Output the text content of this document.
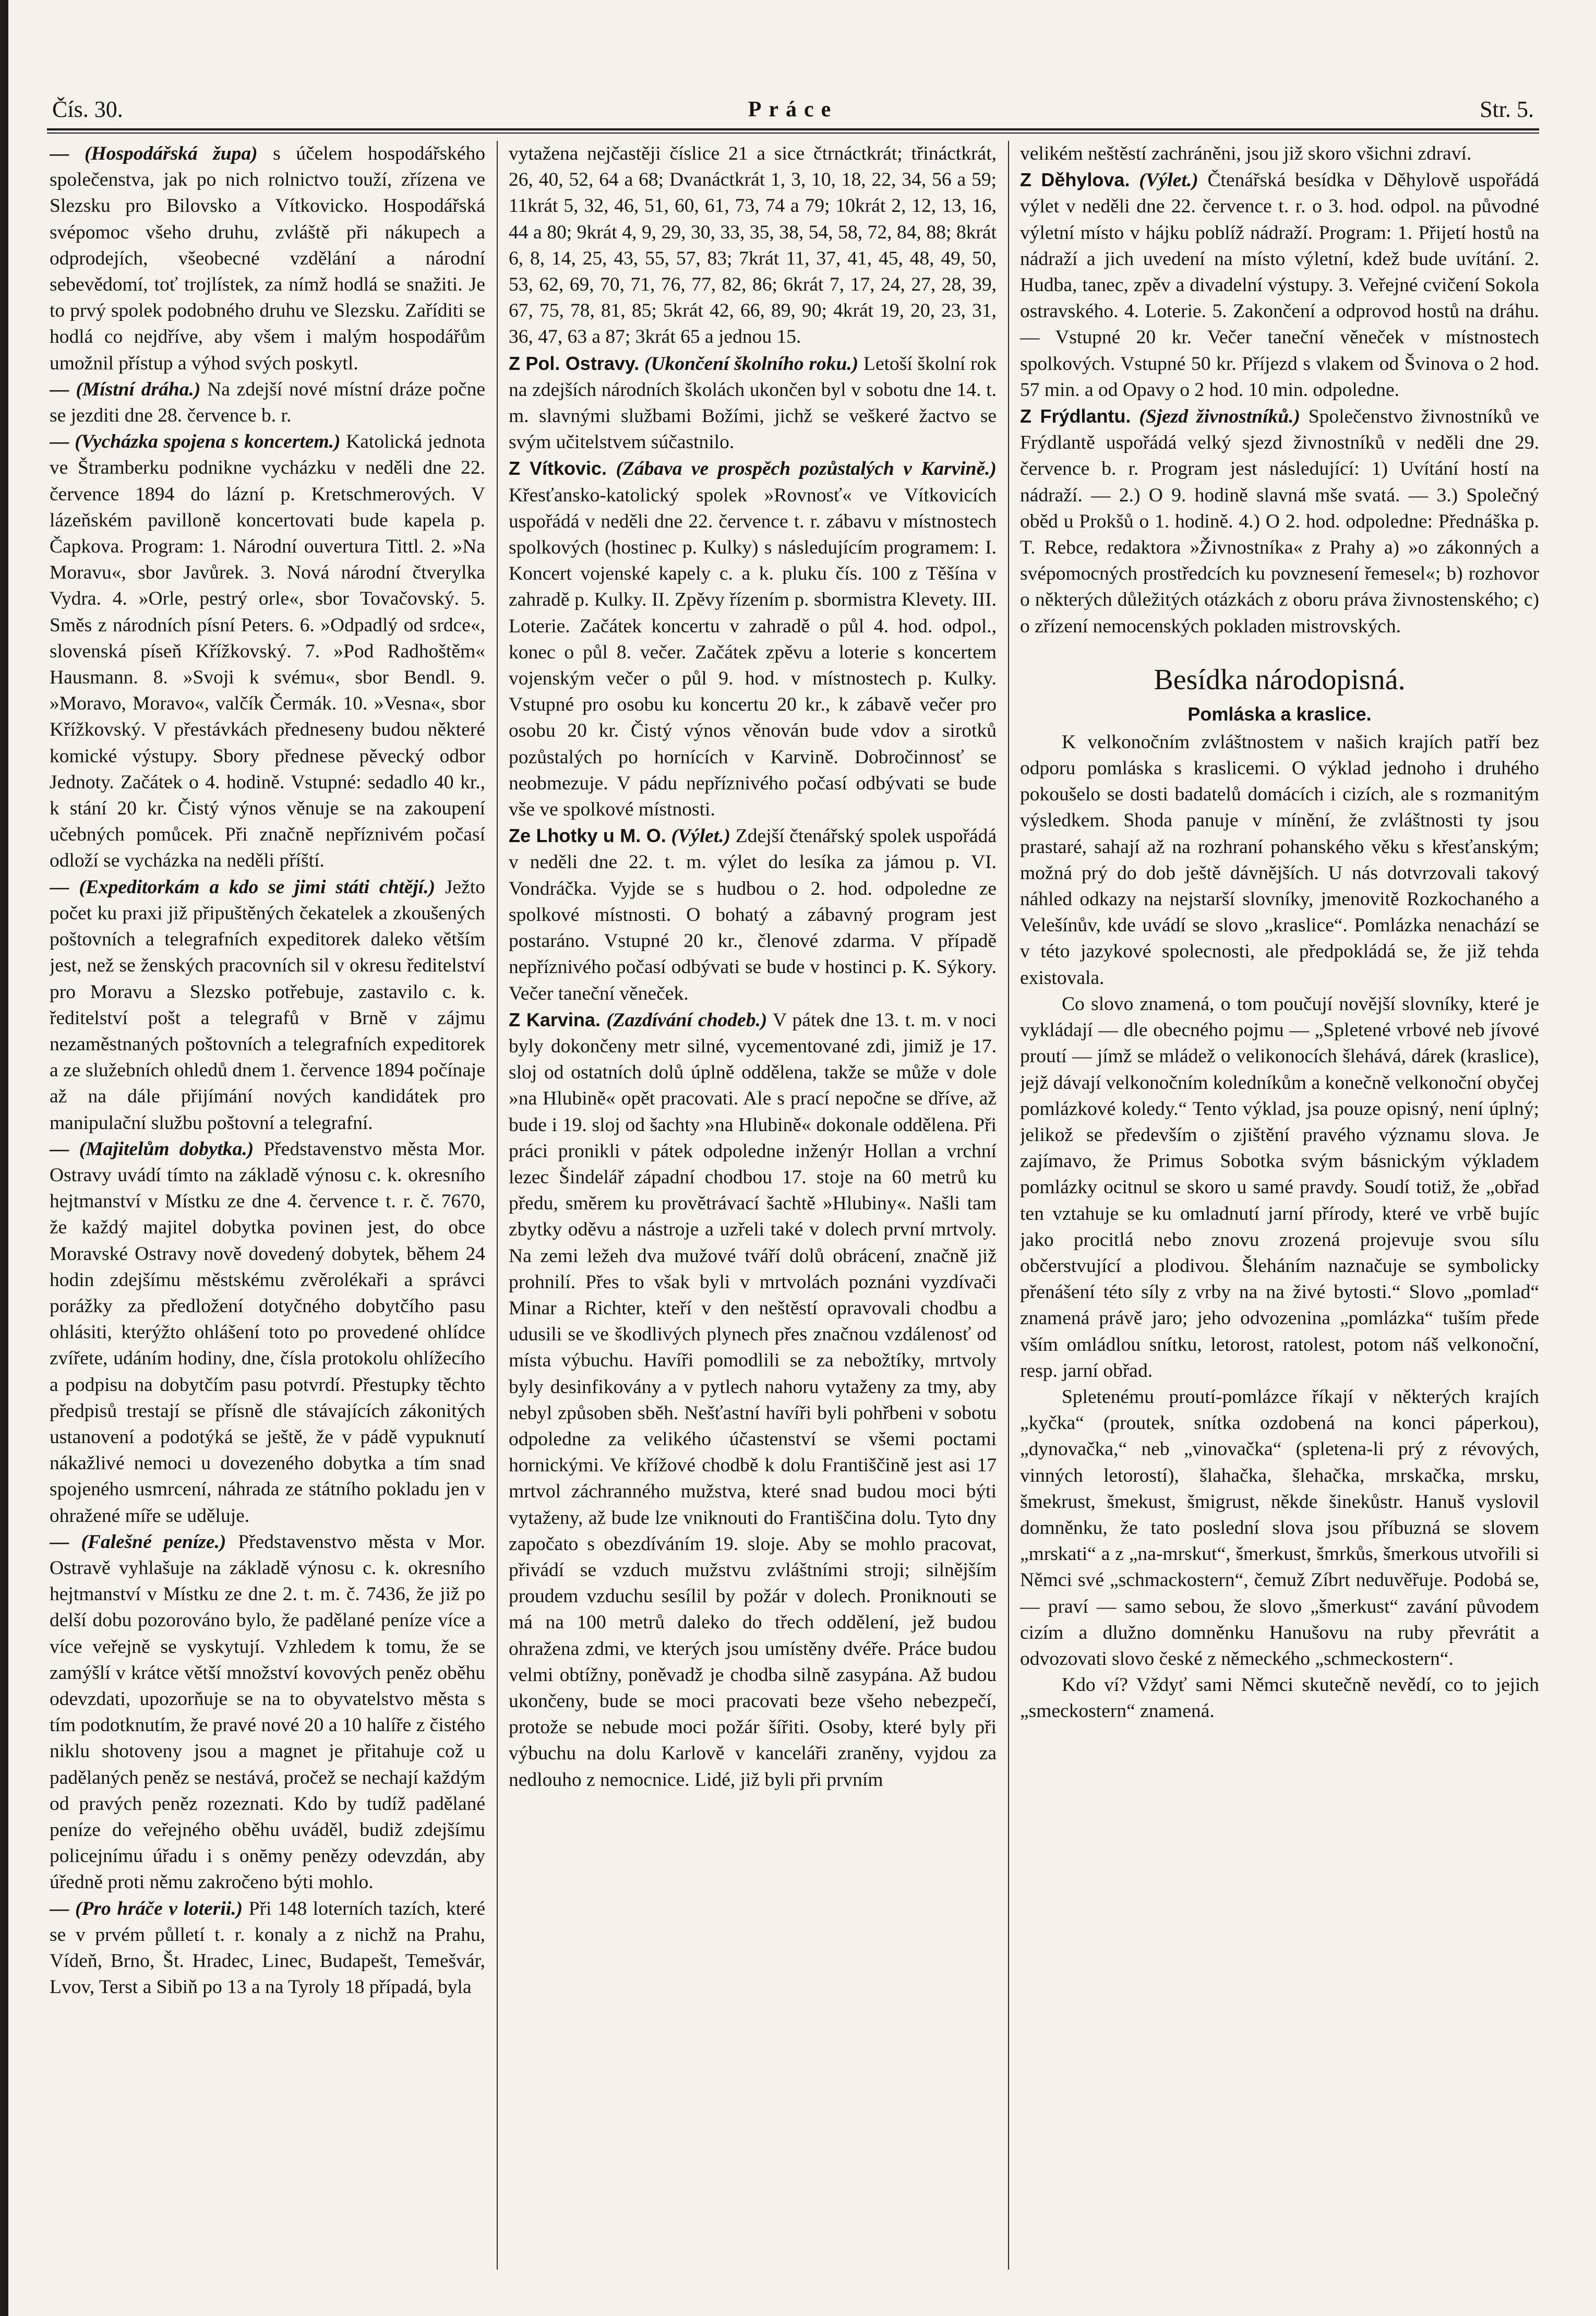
Čís. 30.	Práce	Str. 5.

— (Hospodářská župa) s účelem hospodářského společenstva, jak po nich rolnictvo touží, zřízena ve Slezsku pro Bilovsko a Vítkovicko. Hospodářská svépomoc všeho druhu, zvláště při nákupech a odprodejích, všeobecné vzdělání a národní sebevědomí, toť trojlístek, za nímž hodlá se snažiti. Je to prvý spolek podobného druhu ve Slezsku. Zaříditi se hodlá co nejdříve, aby všem i malým hospodářům umožnil přístup a výhod svých poskytl.

— (Místní dráha.) Na zdejší nové místní dráze počne se jezditi dne 28. července b. r.

— (Vycházka spojena s koncertem.) Katolická jednota ve Štramberku podnikne vycházku v neděli dne 22. července 1894 do lázní p. Kretschmerových. V lázeňském pavilloně koncertovati bude kapela p. Čapkova. Program: 1. Národní ouvertura Tittl. 2. »Na Moravu«, sbor Javůrek. 3. Nová národní čtverylka Vydra. 4. »Orle, pestrý orle«, sbor Tovačovský. 5. Směs z národních písní Peters. 6. »Odpadlý od srdce«, slovenská píseň Křížkovský. 7. »Pod Radhoštěm« Hausmann. 8. »Svoji k svému«, sbor Bendl. 9. »Moravo, Moravo«, valčík Čermák. 10. »Vesna«, sbor Křížkovský. V přestávkách předneseny budou některé komické výstupy. Sbory přednese pěvecký odbor Jednoty. Začátek o 4. hodině. Vstupné: sedadlo 40 kr., k stání 20 kr. Čistý výnos věnuje se na zakoupení učebných pomůcek. Při značně nepříznivém počasí odloží se vycházka na neděli příští.

— (Expeditorkám a kdo se jimi státi chtějí.) Ježto počet ku praxi již připuštěných čekatelek a zkoušených poštovních a telegrafních expeditorek daleko větším jest, než se ženských pracovních sil v okresu ředitelství pro Moravu a Slezsko potřebuje, zastavilo c. k. ředitelství pošt a telegrafů v Brně v zájmu nezaměstnaných poštovních a telegrafních expeditorek a ze služebních ohledů dnem 1. července 1894 počínaje až na dále přijímání nových kandidátek pro manipulační službu poštovní a telegrafní.

— (Majitelům dobytka.) Představenstvo města Mor. Ostravy uvádí tímto na základě výnosu c. k. okresního hejtmanství v Místku ze dne 4. července t. r. č. 7670, že každý majitel dobytka povinen jest, do obce Moravské Ostravy nově dovedený dobytek, během 24 hodin zdejšímu městskému zvěrolékaři a správci porážky za předložení dotyčného dobytčího pasu ohlásiti, kterýžto ohlášení toto po provedené ohlídce zvířete, udáním hodiny, dne, čísla protokolu ohlížecího a podpisu na dobytčím pasu potvrdí. Přestupky těchto předpisů trestají se přísně dle stávajících zákonitých ustanovení a podotýká se ještě, že v pádě vypuknutí nákažlivé nemoci u dovezeného dobytka a tím snad spojeného usmrcení, náhrada ze státního pokladu jen v ohražené míře se uděluje.

— (Falešné peníze.) Představenstvo města v Mor. Ostravě vyhlašuje na základě výnosu c. k. okresního hejtmanství v Místku ze dne 2. t. m. č. 7436, že již po delší dobu pozorováno bylo, že padělané peníze více a více veřejně se vyskytují. Vzhledem k tomu, že se zamýšlí v krátce větší množství kovových peněz oběhu odevzdati, upozorňuje se na to obyvatelstvo města s tím podotknutím, že pravé nové 20 a 10 halíře z čistého niklu shotoveny jsou a magnet je přitahuje což u padělaných peněz se nestává, pročež se nechají každým od pravých peněz rozeznati. Kdo by tudíž padělané peníze do veřejného oběhu uváděl, budiž zdejšímu policejnímu úřadu i s onĕmy penězy odevzdán, aby úředně proti němu zakročeno býti mohlo.

— (Pro hráče v loterii.) Při 148 loterních tazích, které se v prvém půlletí t. r. konaly a z nichž na Prahu, Vídeň, Brno, Št. Hradec, Linec, Budapešt, Temešvár, Lvov, Terst a Sibiň po 13 a na Tyroly 18 případá, byla

vytažena nejčastěji číslice 21 a sice čtrnáctkrát; třináctkrát, 26, 40, 52, 64 a 68; Dvanáctkrát 1, 3, 10, 18, 22, 34, 56 a 59; 11krát 5, 32, 46, 51, 60, 61, 73, 74 a 79; 10krát 2, 12, 13, 16, 44 a 80; 9krát 4, 9, 29, 30, 33, 35, 38, 54, 58, 72, 84, 88; 8krát 6, 8, 14, 25, 43, 55, 57, 83; 7krát 11, 37, 41, 45, 48, 49, 50, 53, 62, 69, 70, 71, 76, 77, 82, 86; 6krát 7, 17, 24, 27, 28, 39, 67, 75, 78, 81, 85; 5krát 42, 66, 89, 90; 4krát 19, 20, 23, 31, 36, 47, 63 a 87; 3krát 65 a jednou 15.

Z Pol. Ostravy. (Ukončení školního roku.) Letoší školní rok na zdejších národních školách ukončen byl v sobotu dne 14. t. m. slavnými službami Božími, jichž se veškeré žactvo se svým učitelstvem súčastnilo.

Z Vítkovic. (Zábava ve prospěch pozůstalých v Karvině.) Křesťansko-katolický spolek »Rovnosť« ve Vítkovicích uspořádá v neděli dne 22. července t. r. zábavu v místnostech spolkových (hostinec p. Kulky) s následujícím programem: I. Koncert vojenské kapely c. a k. pluku čís. 100 z Těšína v zahradě p. Kulky. II. Zpěvy řízením p. sbormistra Klevety. III. Loterie. Začátek koncertu v zahradě o půl 4. hod. odpol., konec o půl 8. večer. Začátek zpěvu a loterie s koncertem vojenským večer o půl 9. hod. v místnostech p. Kulky. Vstupné pro osobu ku koncertu 20 kr., k zábavě večer pro osobu 20 kr. Čistý výnos věnován bude vdov a sirotků pozůstalých po hornících v Karvině. Dobročinnosť se neobmezuje. V pádu nepříznivého počasí odbývati se bude vše ve spolkové místnosti.

Ze Lhotky u M. O. (Výlet.) Zdejší čtenářský spolek uspořádá v neděli dne 22. t. m. výlet do lesíka za jámou p. VI. Vondráčka. Vyjde se s hudbou o 2. hod. odpoledne ze spolkové místnosti. O bohatý a zábavný program jest postaráno. Vstupné 20 kr., členové zdarma. V případě nepříznivého počasí odbývati se bude v hostinci p. K. Sýkory. Večer taneční věneček.

Z Karvina. (Zazdívání chodeb.) V pátek dne 13. t. m. v noci byly dokončeny metr silné, vycementované zdi, jimiž je 17. sloj od ostatních dolů úplně oddělena, takže se může v dole »na Hlubině« opět pracovati. Ale s prací nepočne se dříve, až bude i 19. sloj od šachty »na Hlubině« dokonale oddělena. Při práci pronikli v pátek odpoledne inženýr Hollan a vrchní lezec Šindelář západní chodbou 17. stoje na 60 metrů ku předu, směrem ku provětrávací šachtě »Hlubiny«. Našli tam zbytky oděvu a nástroje a uzřeli také v dolech první mrtvoly. Na zemi ležeh dva mužové tváří dolů obrácení, značně již prohnilí. Přes to však byli v mrtvolách poznáni vyzdívači Minar a Richter, kteří v den neštěstí opravovali chodbu a udusili se ve škodlivých plynech přes značnou vzdálenosť od místa výbuchu. Havíři pomodlili se za nebožtíky, mrtvoly byly desinfikovány a v pytlech nahoru vytaženy za tmy, aby nebyl způsoben sběh. Nešťastní havíři byli pohřbeni v sobotu odpoledne za velikého účastenství se všemi poctami hornickými. Ve křížové chodbě k dolu Františčině jest asi 17 mrtvol záchranného mužstva, které snad budou moci býti vytaženy, až bude lze vniknouti do Františčina dolu. Tyto dny započato s obezdíváním 19. sloje. Aby se mohlo pracovat, přivádí se vzduch mužstvu zvláštními stroji; silnějším proudem vzduchu sesílil by požár v dolech. Proniknouti se má na 100 metrů daleko do třech oddělení, jež budou ohražena zdmi, ve kterých jsou umístěny dvéře. Práce budou velmi obtížny, poněvadž je chodba silně zasypána. Až budou ukončeny, bude se moci pracovati beze všeho nebezpečí, protože se nebude moci požár šířiti. Osoby, které byly při výbuchu na dolu Karlově v kanceláři zraněny, vyjdou za nedlouho z nemocnice. Lidé, již byli při prvním

velikém neštěstí zachráněni, jsou již skoro všichni zdraví.

Z Děhylova. (Výlet.) Čtenářská besídka v Děhylově uspořádá výlet v neděli dne 22. července t. r. o 3. hod. odpol. na původné výletní místo v hájku poblíž nádraží. Program: 1. Přijetí hostů na nádraží a jich uvedení na místo výletní, kdež bude uvítání. 2. Hudba, tanec, zpěv a divadelní výstupy. 3. Veřejné cvičení Sokola ostravského. 4. Loterie. 5. Zakončení a odprovod hostů na dráhu. — Vstupné 20 kr. Večer taneční věneček v místnostech spolkových. Vstupné 50 kr. Příjezd s vlakem od Švinova o 2 hod. 57 min. a od Opavy o 2 hod. 10 min. odpoledne.

Z Frýdlantu. (Sjezd živnostníků.) Společenstvo živnostníků ve Frýdlantě uspořádá velký sjezd živnostníků v neděli dne 29. července b. r. Program jest následující: 1) Uvítání hostí na nádraží. — 2.) O 9. hodině slavná mše svatá. — 3.) Společný oběd u Prokšů o 1. hodině. 4.) O 2. hod. odpoledne: Přednáška p. T. Rebce, redaktora »Živnostníka« z Prahy a) »o zákonných a svépomocných prostředcích ku povznesení řemesel«; b) rozhovor o některých důležitých otázkách z oboru práva živnostenského; c) o zřízení nemocenských pokladen mistrovských.

Besídka národopisná.
Pomláska a kraslice.

K velkonočním zvláštnostem v našich krajích patří bez odporu pomláska s kraslicemi. O výklad jednoho i druhého pokoušelo se dosti badatelů domácích i cizích, ale s rozmanitým výsledkem. Shoda panuje v mínění, že zvláštnosti ty jsou prastaré, sahají až na rozhraní pohanského věku s křesťanským; možná prý do dob ještě dávnějších. U nás dotvrzovali takový náhled odkazy na nejstarší slovníky, jmenovitě Rozkochaného a Velešínův, kde uvádí se slovo „kraslice“. Pomlázka nenachází se v této jazykové spolecnosti, ale předpokládá se, že již tehda existovala.

Co slovo znamená, o tom poučují novější slovníky, které je vykládají — dle obecného pojmu — „Spletené vrbové neb jívové proutí — jímž se mládež o velikonocích šlehává, dárek (kraslice), jejž dávají velkonočním koledníkům a konečně velkonoční obyčej pomlázkové koledy.“ Tento výklad, jsa pouze opisný, není úplný; jelikož se především o zjištění pravého významu slova. Je zajímavo, že Primus Sobotka svým básnickým výkladem pomlázky ocitnul se skoro u samé pravdy. Soudí totiž, že „obřad ten vztahuje se ku omladnutí jarní přírody, které ve vrbě bujíc jako procitlá nebo znovu zrozená projevuje svou sílu občerstvující a plodivou. Šleháním naznačuje se symbolicky přenášení této síly z vrby na na živé bytosti.“ Slovo „pomlad“ znamená právě jaro; jeho odvozenina „pomlázka“ tuším přede vším omládlou snítku, letorost, ratolest, potom náš velkonoční, resp. jarní obřad.

Spletenému proutí-pomlázce říkají v některých krajích „kyčka“ (proutek, snítka ozdobená na konci páperkou), „dynovačka,“ neb „vinovačka“ (spletena-li prý z révových, vinných letorostí), šlahačka, šlehačka, mrskačka, mrsku, šmekrust, šmekust, šmigrust, někde šinekůstr. Hanuš vyslovil domněnku, že tato poslední slova jsou příbuzná se slovem „mrskati“ a z „na-mrskut“, šmerkust, šmrkůs, šmerkous utvořili si Němci své „schmackostern“, čemuž Zíbrt neduvěřuje. Podobá se, — praví — samo sebou, že slovo „šmerkust“ zavání původem cizím a dlužno domněnku Hanušovu na ruby převrátit a odvozovati slovo české z německého „schmeckostern“.

Kdo ví? Vždyť sami Němci skutečně nevědí, co to jejich „smeckostern“ znamená.
